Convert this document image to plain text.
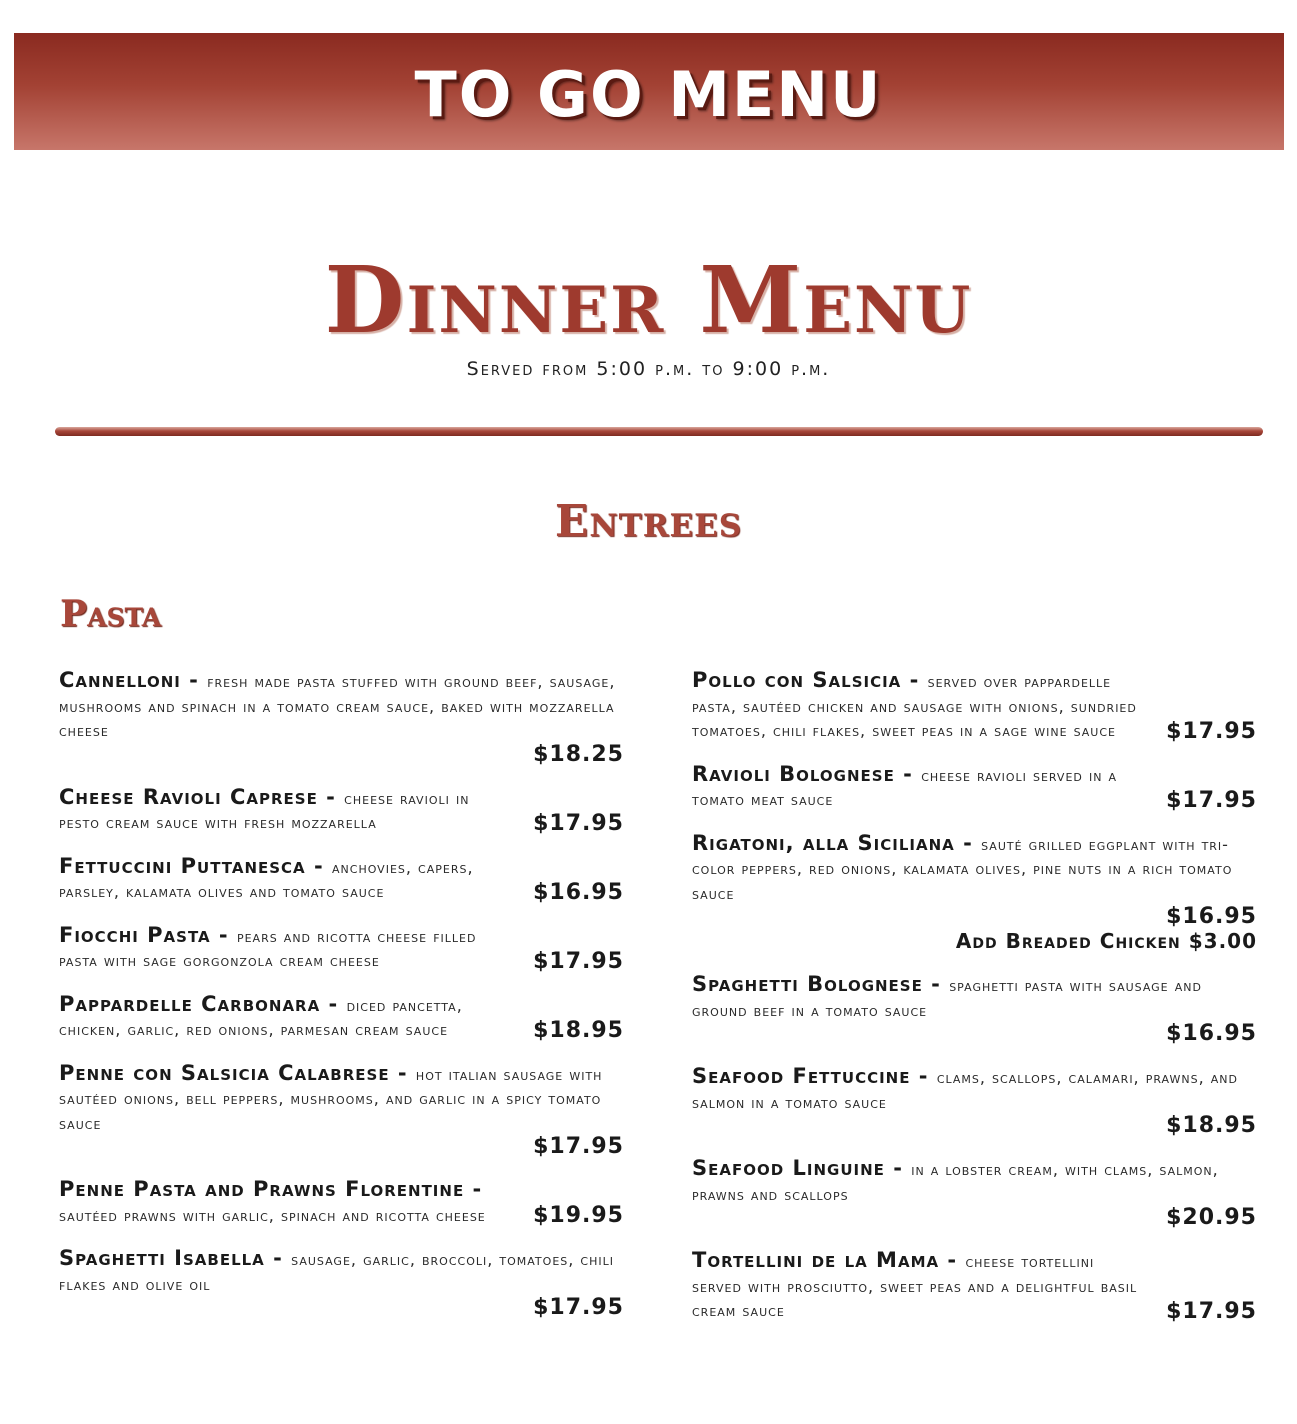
TO GO MENU
Dinner Menu
Served from 5:00 p.m. to 9:00 p.m.
Entrees
Pasta
Cannelloni - fresh made pasta stuffed with ground beef, sausage, mushrooms and spinach in a tomato cream sauce, baked with mozzarella cheese
$18.25
Cheese Ravioli Caprese - cheese ravioli in pesto cream sauce with fresh mozzarella	$17.95
Fettuccini Puttanesca - anchovies, capers, parsley, kalamata olives and tomato sauce	$16.95
Fiocchi Pasta - pears and ricotta cheese filled pasta with sage gorgonzola cream cheese	$17.95
Pappardelle Carbonara - diced pancetta, chicken, garlic, red onions, parmesan cream sauce	$18.95
Penne con Salsicia Calabrese - hot italian sausage with sautéed onions, bell peppers, mushrooms, and garlic in a spicy tomato sauce
$17.95
Penne Pasta and Prawns Florentine - sautéed prawns with garlic, spinach and ricotta cheese $19.95
Spaghetti Isabella - sausage, garlic, broccoli, tomatoes, chili flakes and olive oil
$17.95
Pollo con Salsicia - served over pappardelle pasta, sautéed chicken and sausage with onions, sundried tomatoes, chili flakes, sweet peas in a sage wine sauce $17.95
Ravioli Bolognese - cheese ravioli served in a tomato meat sauce	$17.95
Rigatoni, alla Siciliana - sauté grilled eggplant with tri-color peppers, red onions, kalamata olives, pine nuts in a rich tomato sauce
$16.95
Add Breaded Chicken $3.00
Spaghetti Bolognese - spaghetti pasta with sausage and ground beef in a tomato sauce
$16.95
Seafood Fettuccine - clams, scallops, calamari, prawns, and salmon in a tomato sauce
$18.95
Seafood Linguine - in a lobster cream, with clams, salmon, prawns and scallops
$20.95
Tortellini de la Mama - cheese tortellini served with prosciutto, sweet peas and a delightful basil cream sauce	$17.95
